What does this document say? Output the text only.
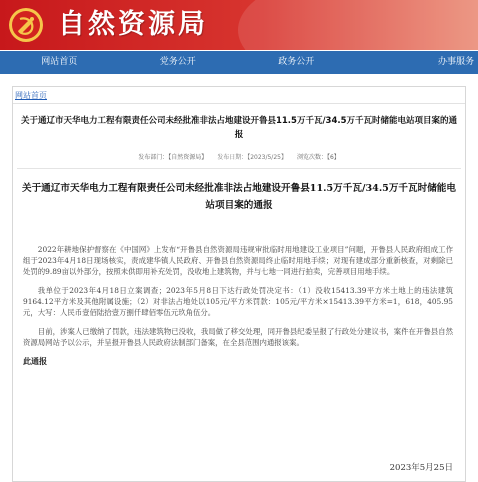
自然资源局
网站首页	党务公开	政务公开	办事服务
网站首页
关于通辽市天华电力工程有限责任公司未经批准非法占地建设开鲁县11.5万千瓦/34.5万千瓦时储能电站项目案的通报
发布部门：【自然资源局】 发布日期：【2023/5/25】 浏览次数：【6】
关于通辽市天华电力工程有限责任公司未经批准非法占地建设开鲁县11.5万千瓦/34.5万千瓦时储能电站项目案的通报

2022年耕地保护督察在《中国网》上发布“开鲁县自然资源局违规审批临时用地建设工业项目”问题，开鲁县人民政府组成工作组于2023年4月18日现场核实，责成建华镇人民政府、开鲁县自然资源局终止临时用地手续；对现有建成部分重新核查，对剩除已处罚的9.89亩以外部分，按照未供即用补充处罚，没收地上建筑物，并与七地一同进行拍卖，完善项目用地手续。

我单位于2023年4月18日立案调查；2023年5月8日下达行政处罚决定书：（1）没收15413.39平方米土地上的违法建筑9164.12平方米及其他附属设施；（2）对非法占地处以105元/平方米罚款：105元/平方米×15413.39平方米=1，618，405.95元，大写：人民币壹佰陆拾壹万捌仟肆佰零伍元玖角伍分。

目前，涉案人已缴纳了罚款，违法建筑物已没收，我局做了移交处理，同开鲁县纪委呈报了行政处分建议书，案件在开鲁县自然资源局网站予以公示，并呈报开鲁县人民政府法制部门备案，在全县范围内通报该案。

此通报
2023年5月25日
